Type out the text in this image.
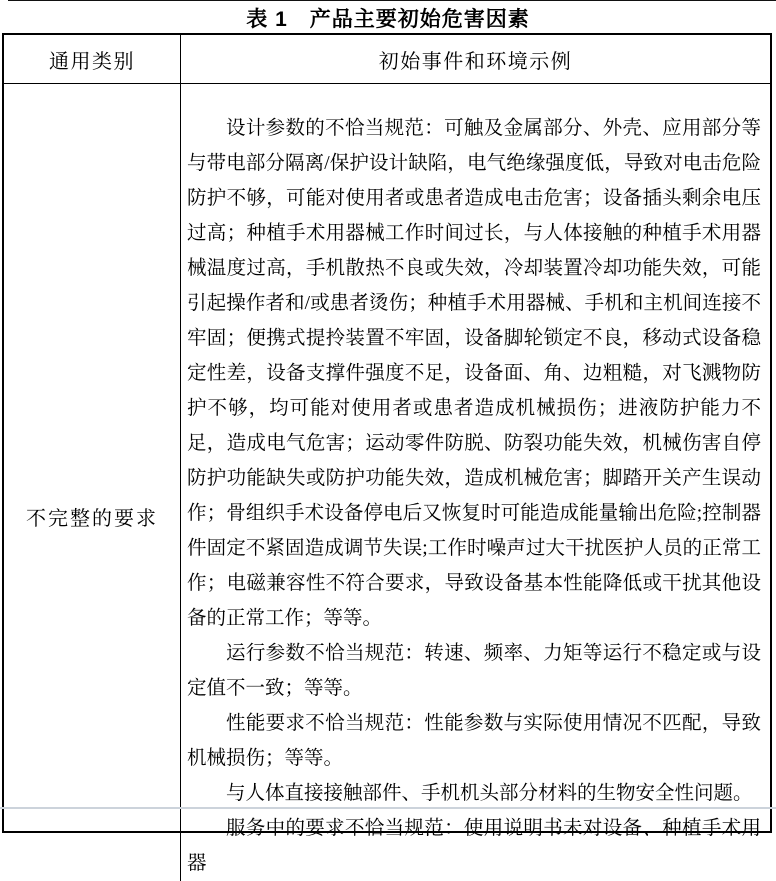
表 1　产品主要初始危害因素
通用类别	初始事件和环境示例
不完整的要求

设计参数的不恰当规范：可触及金属部分、外壳、应用部分等与带电部分隔离/保护设计缺陷，电气绝缘强度低，导致对电击危险防护不够，可能对使用者或患者造成电击危害；设备插头剩余电压过高；种植手术用器械工作时间过长，与人体接触的种植手术用器械温度过高，手机散热不良或失效，冷却装置冷却功能失效，可能引起操作者和/或患者烫伤；种植手术用器械、手机和主机间连接不牢固；便携式提拎装置不牢固，设备脚轮锁定不良，移动式设备稳定性差，设备支撑件强度不足，设备面、角、边粗糙，对飞溅物防护不够，均可能对使用者或患者造成机械损伤；进液防护能力不足，造成电气危害；运动零件防脱、防裂功能失效，机械伤害自停防护功能缺失或防护功能失效，造成机械危害；脚踏开关产生误动作；骨组织手术设备停电后又恢复时可能造成能量输出危险;控制器件固定不紧固造成调节失误;工作时噪声过大干扰医护人员的正常工作；电磁兼容性不符合要求，导致设备基本性能降低或干扰其他设备的正常工作；等等。

运行参数不恰当规范：转速、频率、力矩等运行不稳定或与设定值不一致；等等。

性能要求不恰当规范：性能参数与实际使用情况不匹配，导致机械损伤；等等。

与人体直接接触部件、手机机头部分材料的生物安全性问题。

服务中的要求不恰当规范：使用说明书未对设备、种植手术用器
